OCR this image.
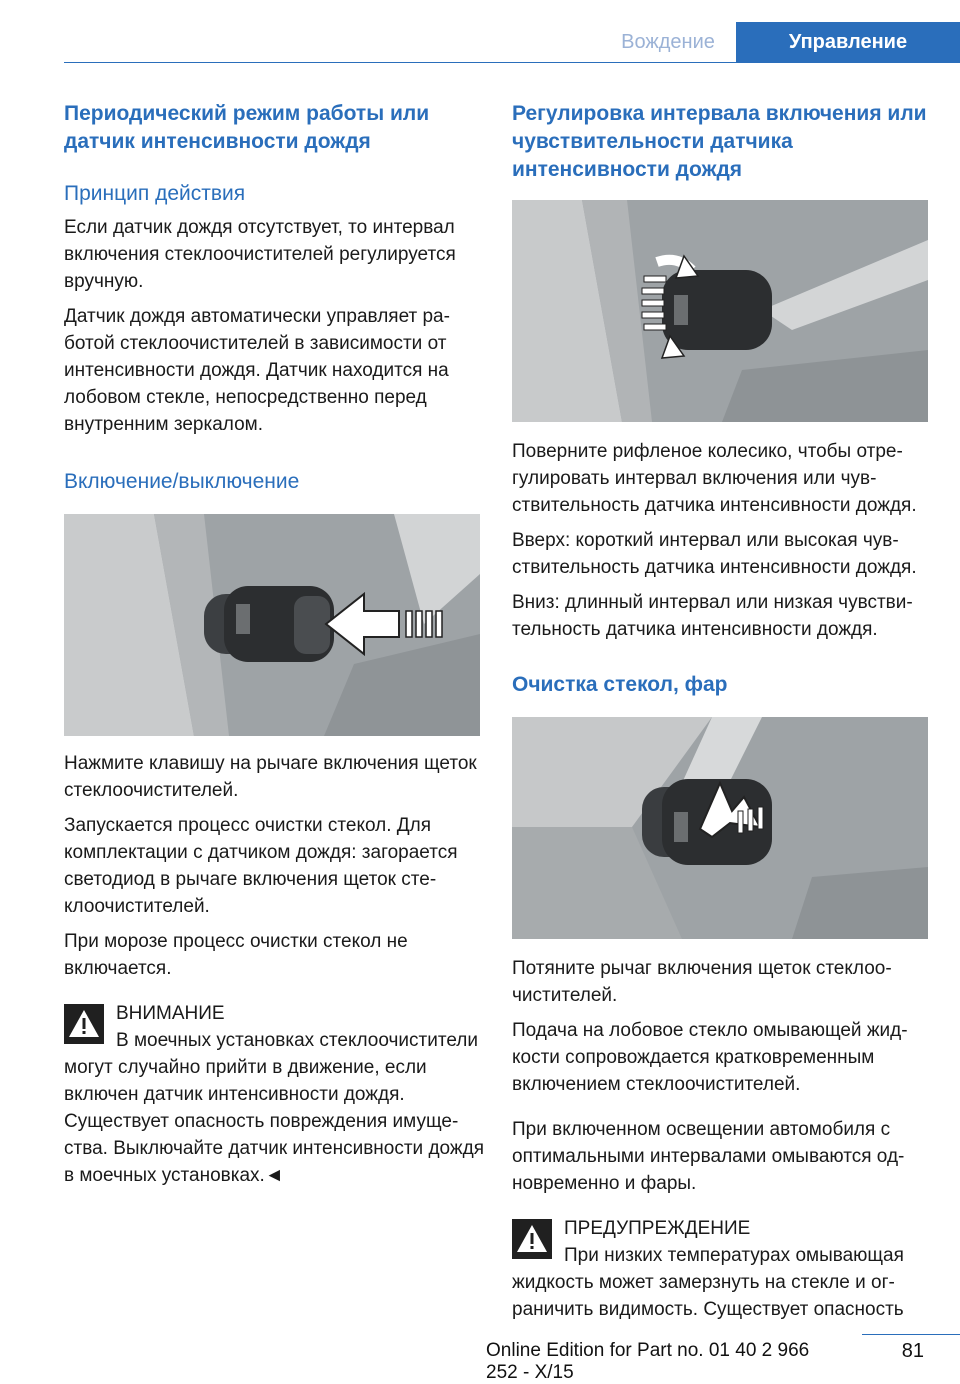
Вождение	Управление
Периодический режим работы или датчик интенсивности дождя
Принцип действия

Если датчик дождя отсутствует, то интервал включения стеклоочистителей регулируется вручную.

Датчик дождя автоматически управляет работой стеклоочистителей в зависимости от интенсивности дождя. Датчик находится на лобовом стекле, непосредственно перед внутренним зеркалом.

Включение/выключение

Нажмите клавишу на рычаге включения щеток стеклоочистителей.

Запускается процесс очистки стекол. Для комплектации с датчиком дождя: загорается светодиод в рычаге включения щеток стеклоочистителей.

При морозе процесс очистки стекол не включается.

ВНИМАНИЕ

В моечных установках стеклоочистители могут случайно прийти в движение, если включен датчик интенсивности дождя. Существует опасность повреждения имущества. Выключайте датчик интенсивности дождя в моечных установках.◄

Регулировка интервала включения или чувствительности датчика интенсивности дождя

Поверните рифленое колесико, чтобы отрегулировать интервал включения или чувствительность датчика интенсивности дождя.

Вверх: короткий интервал или высокая чувствительность датчика интенсивности дождя.

Вниз: длинный интервал или низкая чувствительность датчика интенсивности дождя.

Очистка стекол, фар

Потяните рычаг включения щеток стеклоочистителей.

Подача на лобовое стекло омывающей жидкости сопровождается кратковременным включением стеклоочистителей.

При включенном освещении автомобиля с оптимальными интервалами омываются одновременно и фары.

ПРЕДУПРЕЖДЕНИЕ

При низких температурах омывающая жидкость может замерзнуть на стекле и ограничить видимость. Существует опасность

Online Edition for Part no. 01 40 2 966 252 - X/15
81
